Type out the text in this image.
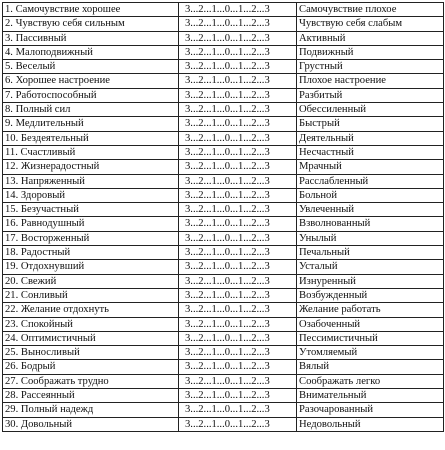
1. Самочувствие хорошее	3...2...1...0...1...2...3	Самочувствие плохое
2. Чувствую себя сильным	3...2...1...0...1...2...3	Чувствую себя слабым
3. Пассивный	3...2...1...0...1...2...3	Активный
4. Малоподвижный	3...2...1...0...1...2...3	Подвижный
5. Веселый	3...2...1...0...1...2...3	Грустный
6. Хорошее настроение	3...2...1...0...1...2...3	Плохое настроение
7. Работоспособный	3...2...1...0...1...2...3	Разбитый
8. Полный сил	3...2...1...0...1...2...3	Обессиленный
9. Медлительный	3...2...1...0...1...2...3	Быстрый
10. Бездеятельный	3...2...1...0...1...2...3	Деятельный
11. Счастливый	3...2...1...0...1...2...3	Несчастный
12. Жизнерадостный	3...2...1...0...1...2...3	Мрачный
13. Напряженный	3...2...1...0...1...2...3	Расслабленный
14. Здоровый	3...2...1...0...1...2...3	Больной
15. Безучастный	3...2...1...0...1...2...3	Увлеченный
16. Равнодушный	3...2...1...0...1...2...3	Взволнованный
17. Восторженный	3...2...1...0...1...2...3	Унылый
18. Радостный	3...2...1...0...1...2...3	Печальный
19. Отдохнувший	3...2...1...0...1...2...3	Усталый
20. Свежий	3...2...1...0...1...2...3	Изнуренный
21. Сонливый	3...2...1...0...1...2...3	Возбужденный
22. Желание отдохнуть	3...2...1...0...1...2...3	Желание работать
23. Спокойный	3...2...1...0...1...2...3	Озабоченный
24. Оптимистичный	3...2...1...0...1...2...3	Пессимистичный
25. Выносливый	3...2...1...0...1...2...3	Утомляемый
26. Бодрый	3...2...1...0...1...2...3	Вялый
27. Соображать трудно	3...2...1...0...1...2...3	Соображать легко
28. Рассеянный	3...2...1...0...1...2...3	Внимательный
29. Полный надежд	3...2...1...0...1...2...3	Разочарованный
30. Довольный	3...2...1...0...1...2...3	Недовольный
